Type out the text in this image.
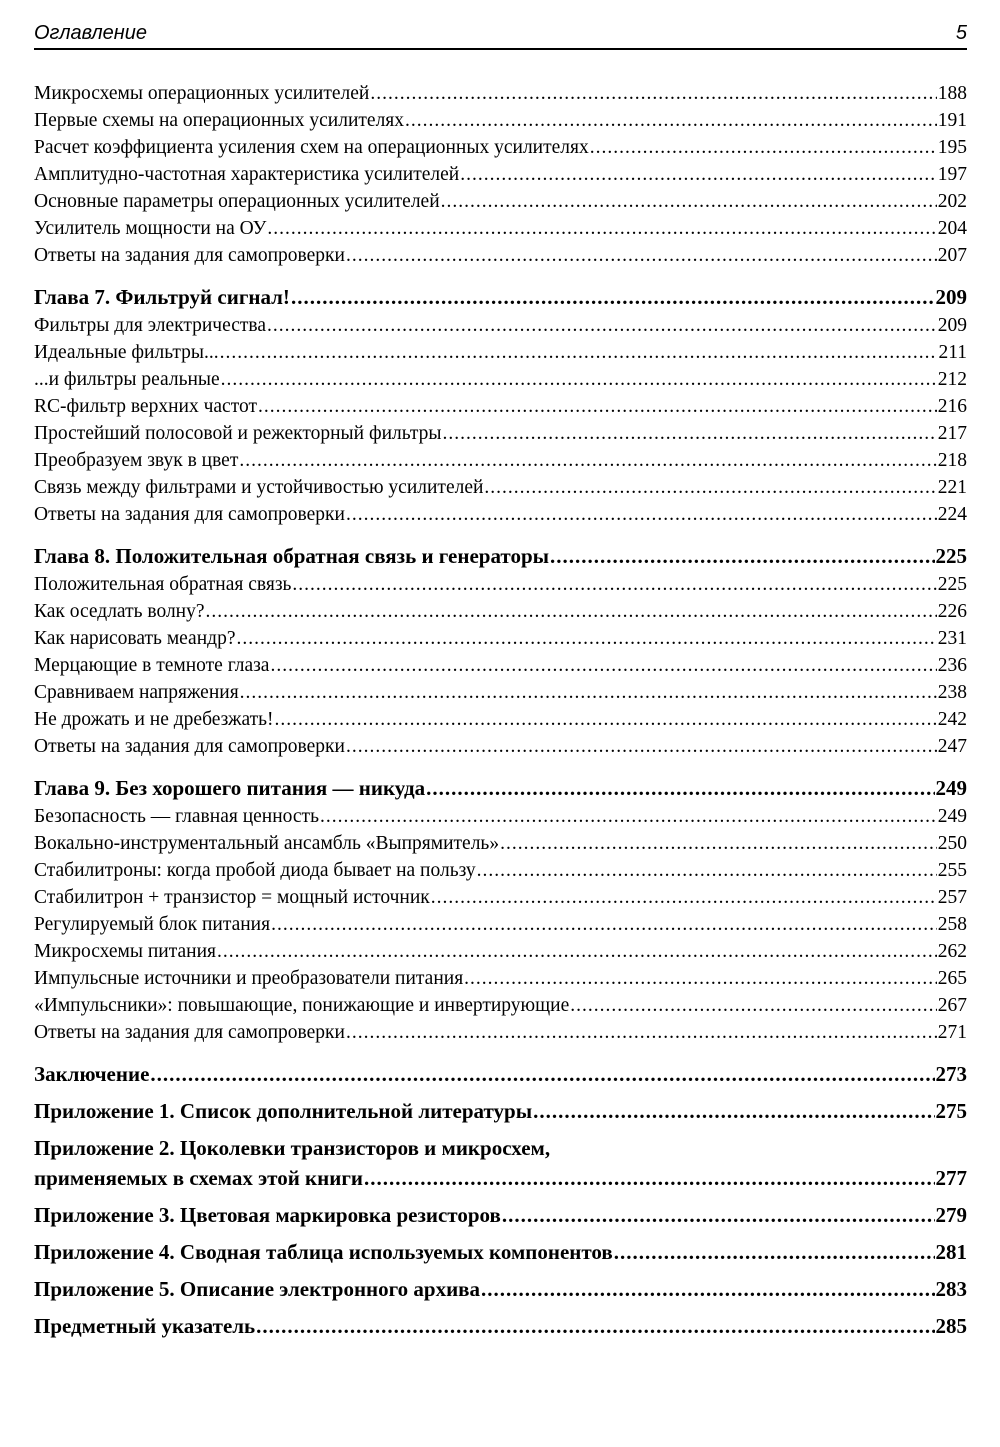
Оглавление	5
Микросхемы операционных усилителей .....	188
Первые схемы на операционных усилителях .....	191
Расчет коэффициента усиления схем на операционных усилителях .....	195
Амплитудно-частотная характеристика усилителей .....	197
Основные параметры операционных усилителей .....	202
Усилитель мощности на ОУ .....	204
Ответы на задания для самопроверки .....	207
Глава 7. Фильтруй сигнал! .....	209
Фильтры для электричества .....	209
Идеальные фильтры... .....	211
...и фильтры реальные .....	212
RC-фильтр верхних частот .....	216
Простейший полосовой и режекторный фильтры .....	217
Преобразуем звук в цвет .....	218
Связь между фильтрами и устойчивостью усилителей .....	221
Ответы на задания для самопроверки .....	224
Глава 8. Положительная обратная связь и генераторы .....	225
Положительная обратная связь .....	225
Как оседлать волну? .....	226
Как нарисовать меандр? .....	231
Мерцающие в темноте глаза .....	236
Сравниваем напряжения .....	238
Не дрожать и не дребезжать! .....	242
Ответы на задания для самопроверки .....	247
Глава 9. Без хорошего питания — никуда .....	249
Безопасность — главная ценность .....	249
Вокально-инструментальный ансамбль «Выпрямитель» .....	250
Стабилитроны: когда пробой диода бывает на пользу .....	255
Стабилитрон + транзистор = мощный источник .....	257
Регулируемый блок питания .....	258
Микросхемы питания .....	262
Импульсные источники и преобразователи питания .....	265
«Импульсники»: повышающие, понижающие и инвертирующие .....	267
Ответы на задания для самопроверки .....	271
Заключение .....	273
Приложение 1. Список дополнительной литературы .....	275
Приложение 2. Цоколевки транзисторов и микросхем,
применяемых в схемах этой книги .....	277
Приложение 3. Цветовая маркировка резисторов .....	279
Приложение 4. Сводная таблица используемых компонентов .....	281
Приложение 5. Описание электронного архива .....	283
Предметный указатель .....	285
